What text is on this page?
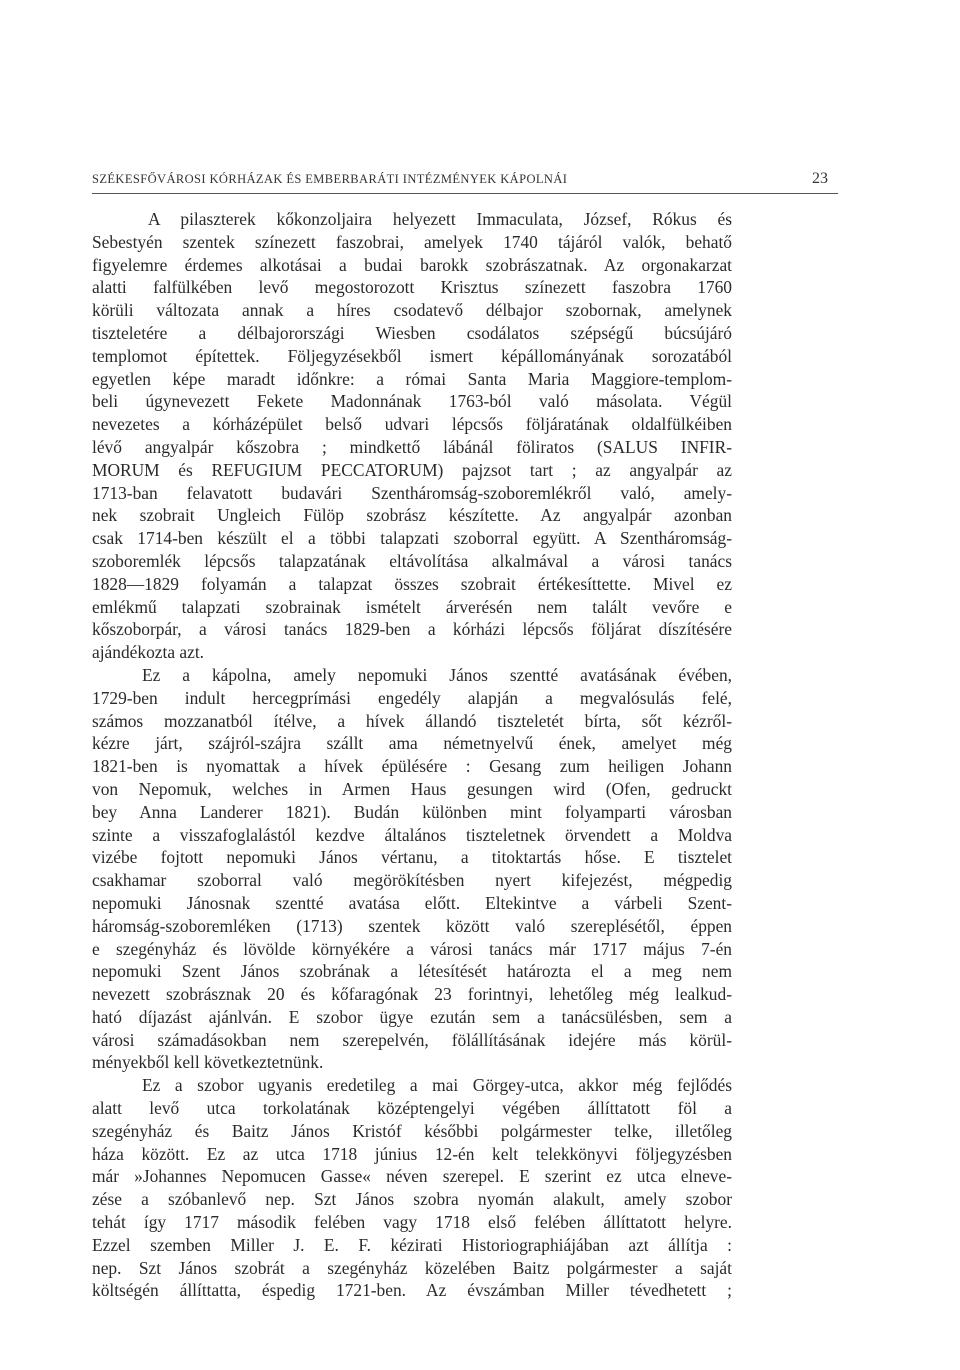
SZÉKESFŐVÁROSI KÓRHÁZAK ÉS EMBERBARÁTI INTÉZMÉNYEK KÁPOLNÁI	23
A pilaszterek kőkonzoljaira helyezett Immaculata, József, Rókus és
Sebestyén szentek színezett faszobrai, amelyek 1740 tájáról valók, behatő
figyelemre érdemes alkotásai a budai barokk szobrászatnak. Az orgonakarzat
alatti falfülkében levő megostorozott Krisztus színezett faszobra 1760
körüli változata annak a híres csodatevő délbajor szobornak, amelynek
tiszteletére a délbajorországi Wiesben csodálatos szépségű búcsújáró
templomot építettek. Följegyzésekből ismert képállományának sorozatából
egyetlen képe maradt időnkre: a római Santa Maria Maggiore-templom-
beli úgynevezett Fekete Madonnának 1763-ból való másolata. Végül
nevezetes a kórházépület belső udvari lépcsős följáratának oldalfülkéiben
lévő angyalpár kőszobra ; mindkettő lábánál föliratos (SALUS INFIR-
MORUM és REFUGIUM PECCATORUM) pajzsot tart ; az angyalpár az
1713-ban felavatott budavári Szentháromság-szoboremlékről való, amely-
nek szobrait Ungleich Fülöp szobrász készítette. Az angyalpár azonban
csak 1714-ben készült el a többi talapzati szoborral együtt. A Szentháromság-
szoboremlék lépcsős talapzatának eltávolítása alkalmával a városi tanács
1828—1829 folyamán a talapzat összes szobrait értékesíttette. Mivel ez
emlékmű talapzati szobrainak ismételt árverésén nem talált vevőre e
kőszoborpár, a városi tanács 1829-ben a kórházi lépcsős följárat díszítésére
ajándékozta azt.
Ez a kápolna, amely nepomuki János szentté avatásának évében,
1729-ben indult hercegprímási engedély alapján a megvalósulás felé,
számos mozzanatból ítélve, a hívek állandó tiszteletét bírta, sőt kézről-
kézre járt, szájról-szájra szállt ama németnyelvű ének, amelyet még
1821-ben is nyomattak a hívek épülésére : Gesang zum heiligen Johann
von Nepomuk, welches in Armen Haus gesungen wird (Ofen, gedruckt
bey Anna Landerer 1821). Budán különben mint folyamparti városban
szinte a visszafoglalástól kezdve általános tiszteletnek örvendett a Moldva
vizébe fojtott nepomuki János vértanu, a titoktartás hőse. E tisztelet
csakhamar szoborral való megörökítésben nyert kifejezést, mégpedig
nepomuki Jánosnak szentté avatása előtt. Eltekintve a várbeli Szent-
háromság-szoboremléken (1713) szentek között való szereplésétől, éppen
e szegényház és lövölde környékére a városi tanács már 1717 május 7-én
nepomuki Szent János szobrának a létesítését határozta el a meg nem
nevezett szobrásznak 20 és kőfaragónak 23 forintnyi, lehetőleg még lealkud-
ható díjazást ajánlván. E szobor ügye ezután sem a tanácsülésben, sem a
városi számadásokban nem szerepelvén, fölállításának idejére más körül-
ményekből kell következtetnünk.
Ez a szobor ugyanis eredetileg a mai Görgey-utca, akkor még fejlődés
alatt levő utca torkolatának középtengelyi végében állíttatott föl a
szegényház és Baitz János Kristóf későbbi polgármester telke, illetőleg
háza között. Ez az utca 1718 június 12-én kelt telekkönyvi följegyzésben
már »Johannes Nepomucen Gasse« néven szerepel. E szerint ez utca elneve-
zése a szóbanlevő nep. Szt János szobra nyomán alakult, amely szobor
tehát így 1717 második felében vagy 1718 első felében állíttatott helyre.
Ezzel szemben Miller J. E. F. kézirati Historiographiájában azt állítja :
nep. Szt János szobrát a szegényház közelében Baitz polgármester a saját
költségén állíttatta, éspedig 1721-ben. Az évszámban Miller tévedhetett ;
